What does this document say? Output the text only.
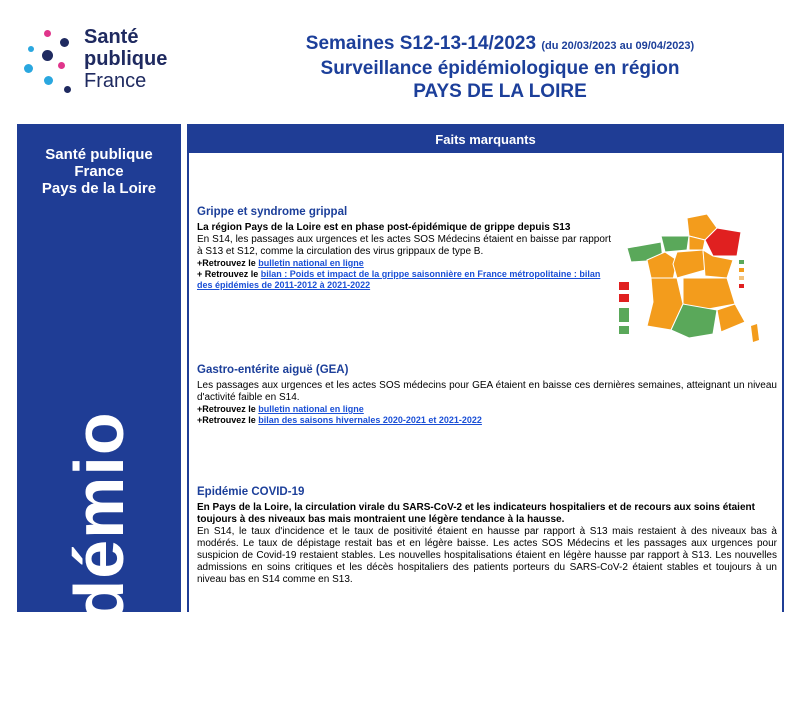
Santé
publique
France
Semaines S12-13-14/2023 (du 20/03/2023 au 09/04/2023)
Surveillance épidémiologique en région
PAYS DE LA LOIRE
Santé publique
France
Pays de la Loire
épidémio
Faits marquants
Grippe et syndrome grippal

La région Pays de la Loire est en phase post-épidémique de grippe depuis S13

En S14, les passages aux urgences et les actes SOS Médecins étaient en baisse par rapport à S13 et S12, comme la circulation des virus grippaux de type B.

+Retrouvez le bulletin national en ligne
+ Retrouvez le bilan : Poids et impact de la grippe saisonnière en France métropolitaine : bilan des épidémies de 2011-2012 à 2021-2022
Gastro-entérite aiguë (GEA)

Les passages aux urgences et les actes SOS médecins pour GEA étaient en baisse ces dernières semaines, atteignant un niveau d'activité faible en S14.

+Retrouvez le bulletin national en ligne
+Retrouvez le bilan des saisons hivernales 2020-2021 et 2021-2022
Epidémie COVID-19

En Pays de la Loire, la circulation virale du SARS-CoV-2 et les indicateurs hospitaliers et de recours aux soins étaient toujours à des niveaux bas mais montraient une légère tendance à la hausse.

En S14, le taux d'incidence et le taux de positivité étaient en hausse par rapport à S13 mais restaient à des niveaux bas à modérés. Le taux de dépistage restait bas et en légère baisse. Les actes SOS Médecins et les passages aux urgences pour suspicion de Covid-19 restaient stables. Les nouvelles hospitalisations étaient en légère hausse par rapport à S13. Les nouvelles admissions en soins critiques et les décès hospitaliers des patients porteurs du SARS-CoV-2 étaient stables et toujours à un niveau bas en S14 comme en S13.
